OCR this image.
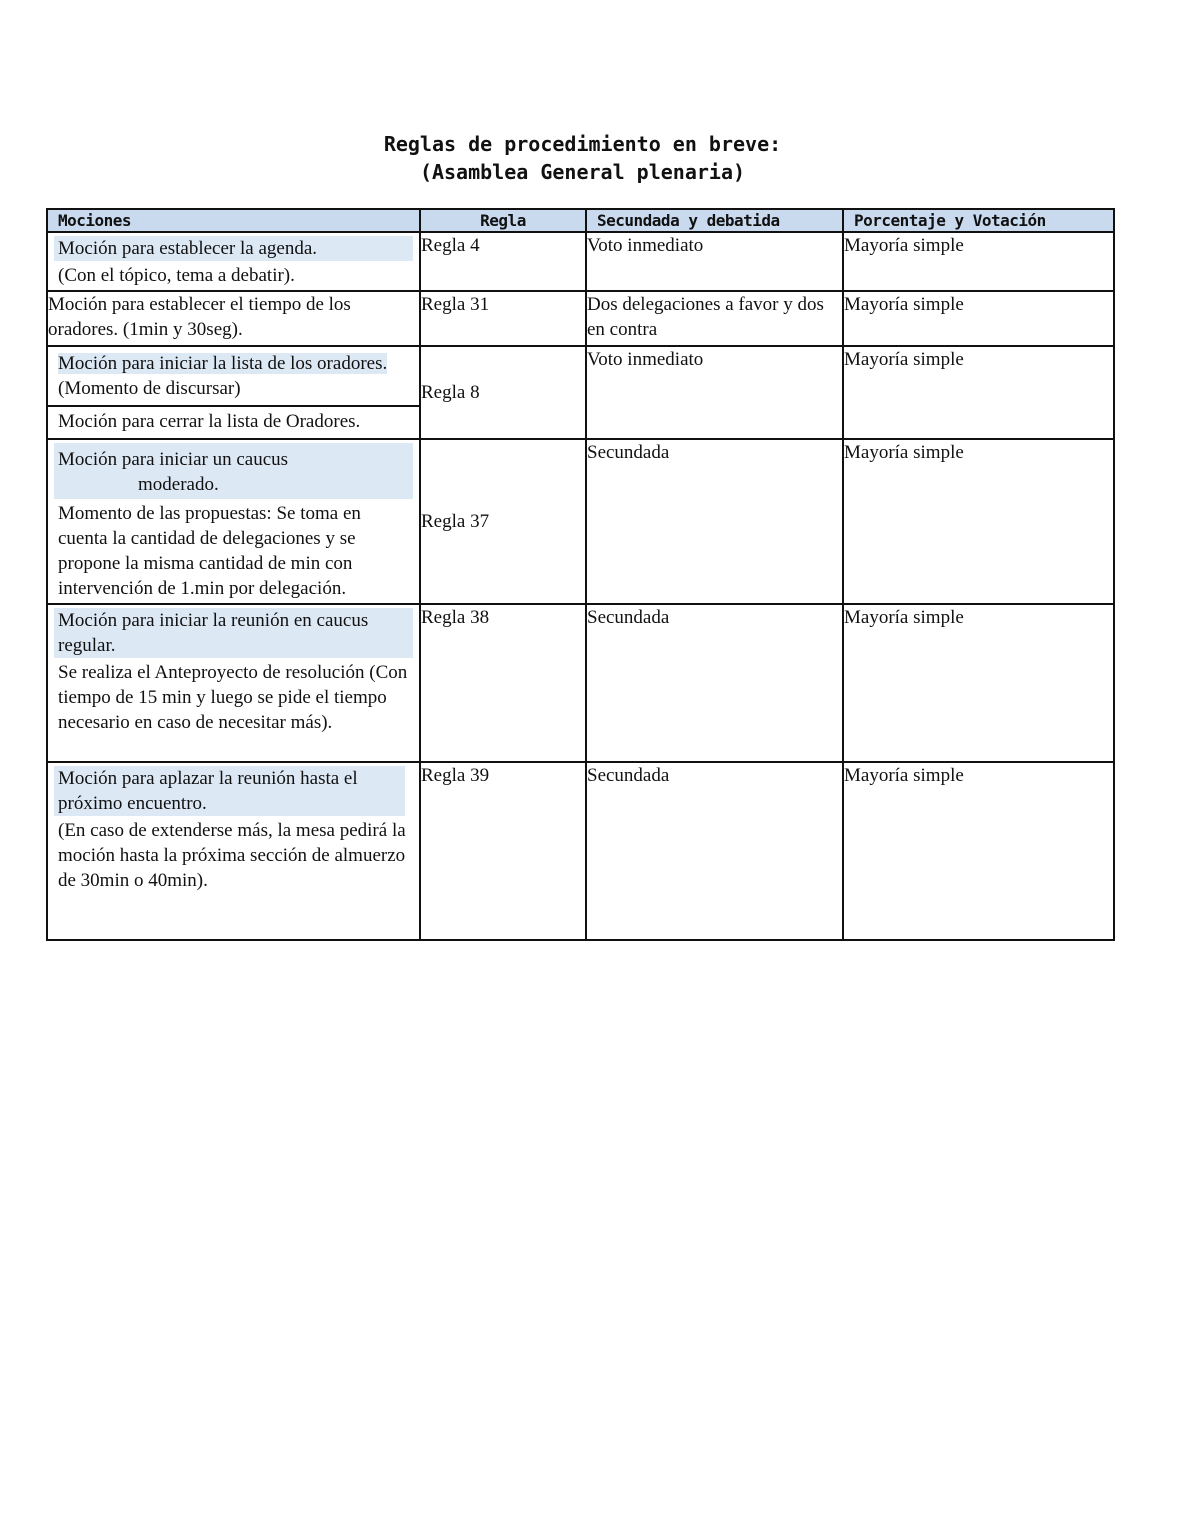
Reglas de procedimiento en breve:
(Asamblea General plenaria)
Mociones	Regla	Secundada y debatida	Porcentaje y Votación

Moción para establecer la agenda.
(Con el tópico, tema a debatir).	Regla 4	Voto inmediato	Mayoría simple
Moción para establecer el tiempo de los oradores. (1min y 30seg).	Regla 31	Dos delegaciones a favor y dos en contra	Mayoría simple

Moción para iniciar la lista de los oradores. (Momento de discursar)
Moción para cerrar la lista de Oradores.	Regla 8	Voto inmediato	Mayoría simple

Moción para iniciar un caucus
moderado.
Momento de las propuestas: Se toma en cuenta la cantidad de delegaciones y se propone la misma cantidad de min con intervención de 1.min por delegación.	Regla 37	Secundada	Mayoría simple

Moción para iniciar la reunión en caucus regular.
Se realiza el Anteproyecto de resolución (Con tiempo de 15 min y luego se pide el tiempo necesario en caso de necesitar más).	Regla 38	Secundada	Mayoría simple

Moción para aplazar la reunión hasta el próximo encuentro.
(En caso de extenderse más, la mesa pedirá la moción hasta la próxima sección de almuerzo de 30min o 40min).	Regla 39	Secundada	Mayoría simple
